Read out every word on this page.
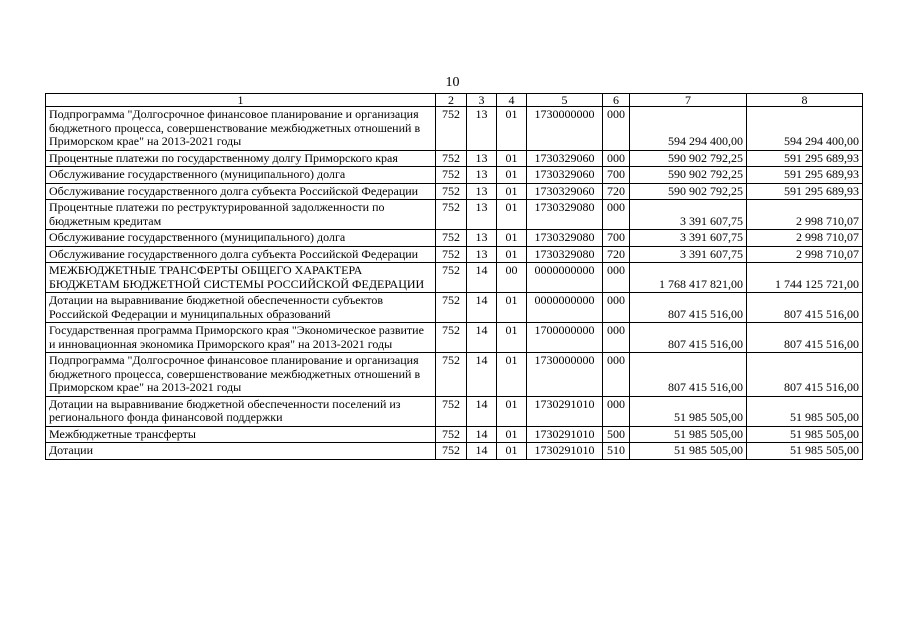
10
1	2	3	4	5	6	7	8
Подпрограмма "Долгосрочное финансовое планирование и организация бюджетного процесса, совершенствование межбюджетных отношений в Приморском крае" на 2013-2021 годы	752	13	01	1730000000	000	594 294 400,00	594 294 400,00
Процентные платежи по государственному долгу Приморского края	752	13	01	1730329060	000	590 902 792,25	591 295 689,93
Обслуживание государственного (муниципального) долга	752	13	01	1730329060	700	590 902 792,25	591 295 689,93
Обслуживание государственного долга субъекта Российской Федерации	752	13	01	1730329060	720	590 902 792,25	591 295 689,93
Процентные платежи по реструктурированной задолженности по бюджетным кредитам	752	13	01	1730329080	000	3 391 607,75	2 998 710,07
Обслуживание государственного (муниципального) долга	752	13	01	1730329080	700	3 391 607,75	2 998 710,07
Обслуживание государственного долга субъекта Российской Федерации	752	13	01	1730329080	720	3 391 607,75	2 998 710,07
МЕЖБЮДЖЕТНЫЕ ТРАНСФЕРТЫ ОБЩЕГО ХАРАКТЕРА БЮДЖЕТАМ БЮДЖЕТНОЙ СИСТЕМЫ РОССИЙСКОЙ ФЕДЕРАЦИИ	752	14	00	0000000000	000	1 768 417 821,00	1 744 125 721,00
Дотации на выравнивание бюджетной обеспеченности субъектов Российской Федерации и муниципальных образований	752	14	01	0000000000	000	807 415 516,00	807 415 516,00
Государственная программа Приморского края "Экономическое развитие и инновационная экономика Приморского края" на 2013-2021 годы	752	14	01	1700000000	000	807 415 516,00	807 415 516,00
Подпрограмма "Долгосрочное финансовое планирование и организация бюджетного процесса, совершенствование межбюджетных отношений в Приморском крае" на 2013-2021 годы	752	14	01	1730000000	000	807 415 516,00	807 415 516,00
Дотации на выравнивание бюджетной обеспеченности поселений из регионального фонда финансовой поддержки	752	14	01	1730291010	000	51 985 505,00	51 985 505,00
Межбюджетные трансферты	752	14	01	1730291010	500	51 985 505,00	51 985 505,00
Дотации	752	14	01	1730291010	510	51 985 505,00	51 985 505,00
